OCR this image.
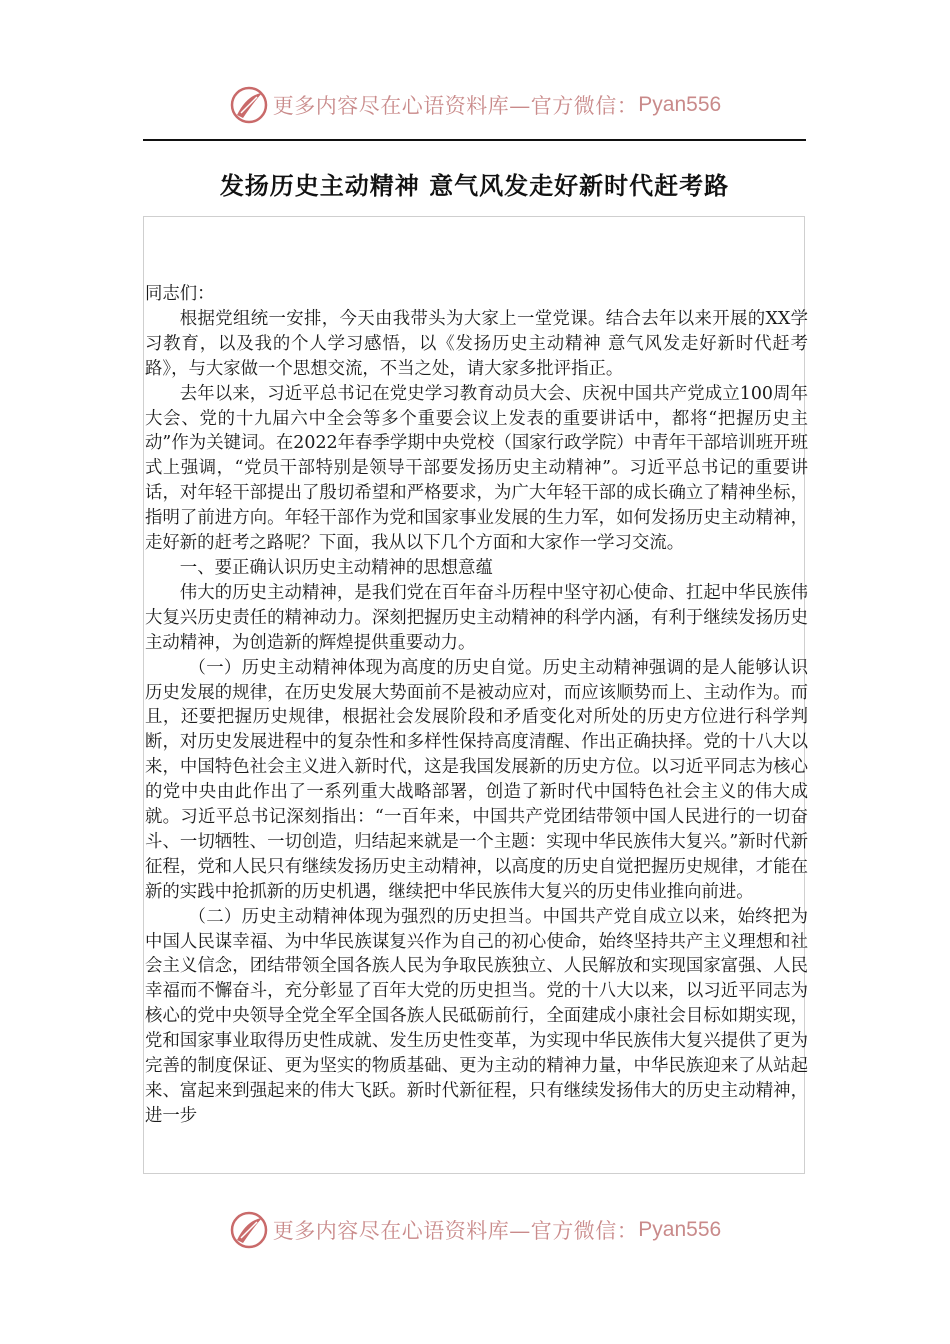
更多内容尽在心语资料库—官方微信： Pyan556
发扬历史主动精神 意气风发走好新时代赶考路

同志们：

根据党组统一安排，今天由我带头为大家上一堂党课。结合去年以来开展的XX学习教育，以及我的个人学习感悟，以《发扬历史主动精神 意气风发走好新时代赶考路》，与大家做一个思想交流，不当之处，请大家多批评指正。

去年以来，习近平总书记在党史学习教育动员大会、庆祝中国共产党成立100周年大会、党的十九届六中全会等多个重要会议上发表的重要讲话中，都将“把握历史主动”作为关键词。在2022年春季学期中央党校（国家行政学院）中青年干部培训班开班式上强调，“党员干部特别是领导干部要发扬历史主动精神”。习近平总书记的重要讲话，对年轻干部提出了殷切希望和严格要求，为广大年轻干部的成长确立了精神坐标，指明了前进方向。年轻干部作为党和国家事业发展的生力军，如何发扬历史主动精神，走好新的赶考之路呢？下面，我从以下几个方面和大家作一学习交流。

一、要正确认识历史主动精神的思想意蕴

伟大的历史主动精神，是我们党在百年奋斗历程中坚守初心使命、扛起中华民族伟大复兴历史责任的精神动力。深刻把握历史主动精神的科学内涵，有利于继续发扬历史主动精神，为创造新的辉煌提供重要动力。

（一）历史主动精神体现为高度的历史自觉。历史主动精神强调的是人能够认识历史发展的规律，在历史发展大势面前不是被动应对，而应该顺势而上、主动作为。而且，还要把握历史规律，根据社会发展阶段和矛盾变化对所处的历史方位进行科学判断，对历史发展进程中的复杂性和多样性保持高度清醒、作出正确抉择。党的十八大以来，中国特色社会主义进入新时代，这是我国发展新的历史方位。以习近平同志为核心的党中央由此作出了一系列重大战略部署，创造了新时代中国特色社会主义的伟大成就。习近平总书记深刻指出：“一百年来，中国共产党团结带领中国人民进行的一切奋斗、一切牺牲、一切创造，归结起来就是一个主题：实现中华民族伟大复兴。”新时代新征程，党和人民只有继续发扬历史主动精神，以高度的历史自觉把握历史规律，才能在新的实践中抢抓新的历史机遇，继续把中华民族伟大复兴的历史伟业推向前进。

（二）历史主动精神体现为强烈的历史担当。中国共产党自成立以来，始终把为中国人民谋幸福、为中华民族谋复兴作为自己的初心使命，始终坚持共产主义理想和社会主义信念，团结带领全国各族人民为争取民族独立、人民解放和实现国家富强、人民幸福而不懈奋斗，充分彰显了百年大党的历史担当。党的十八大以来，以习近平同志为核心的党中央领导全党全军全国各族人民砥砺前行，全面建成小康社会目标如期实现，党和国家事业取得历史性成就、发生历史性变革，为实现中华民族伟大复兴提供了更为完善的制度保证、更为坚实的物质基础、更为主动的精神力量，中华民族迎来了从站起来、富起来到强起来的伟大飞跃。新时代新征程，只有继续发扬伟大的历史主动精神，进一步

更多内容尽在心语资料库—官方微信： Pyan556
